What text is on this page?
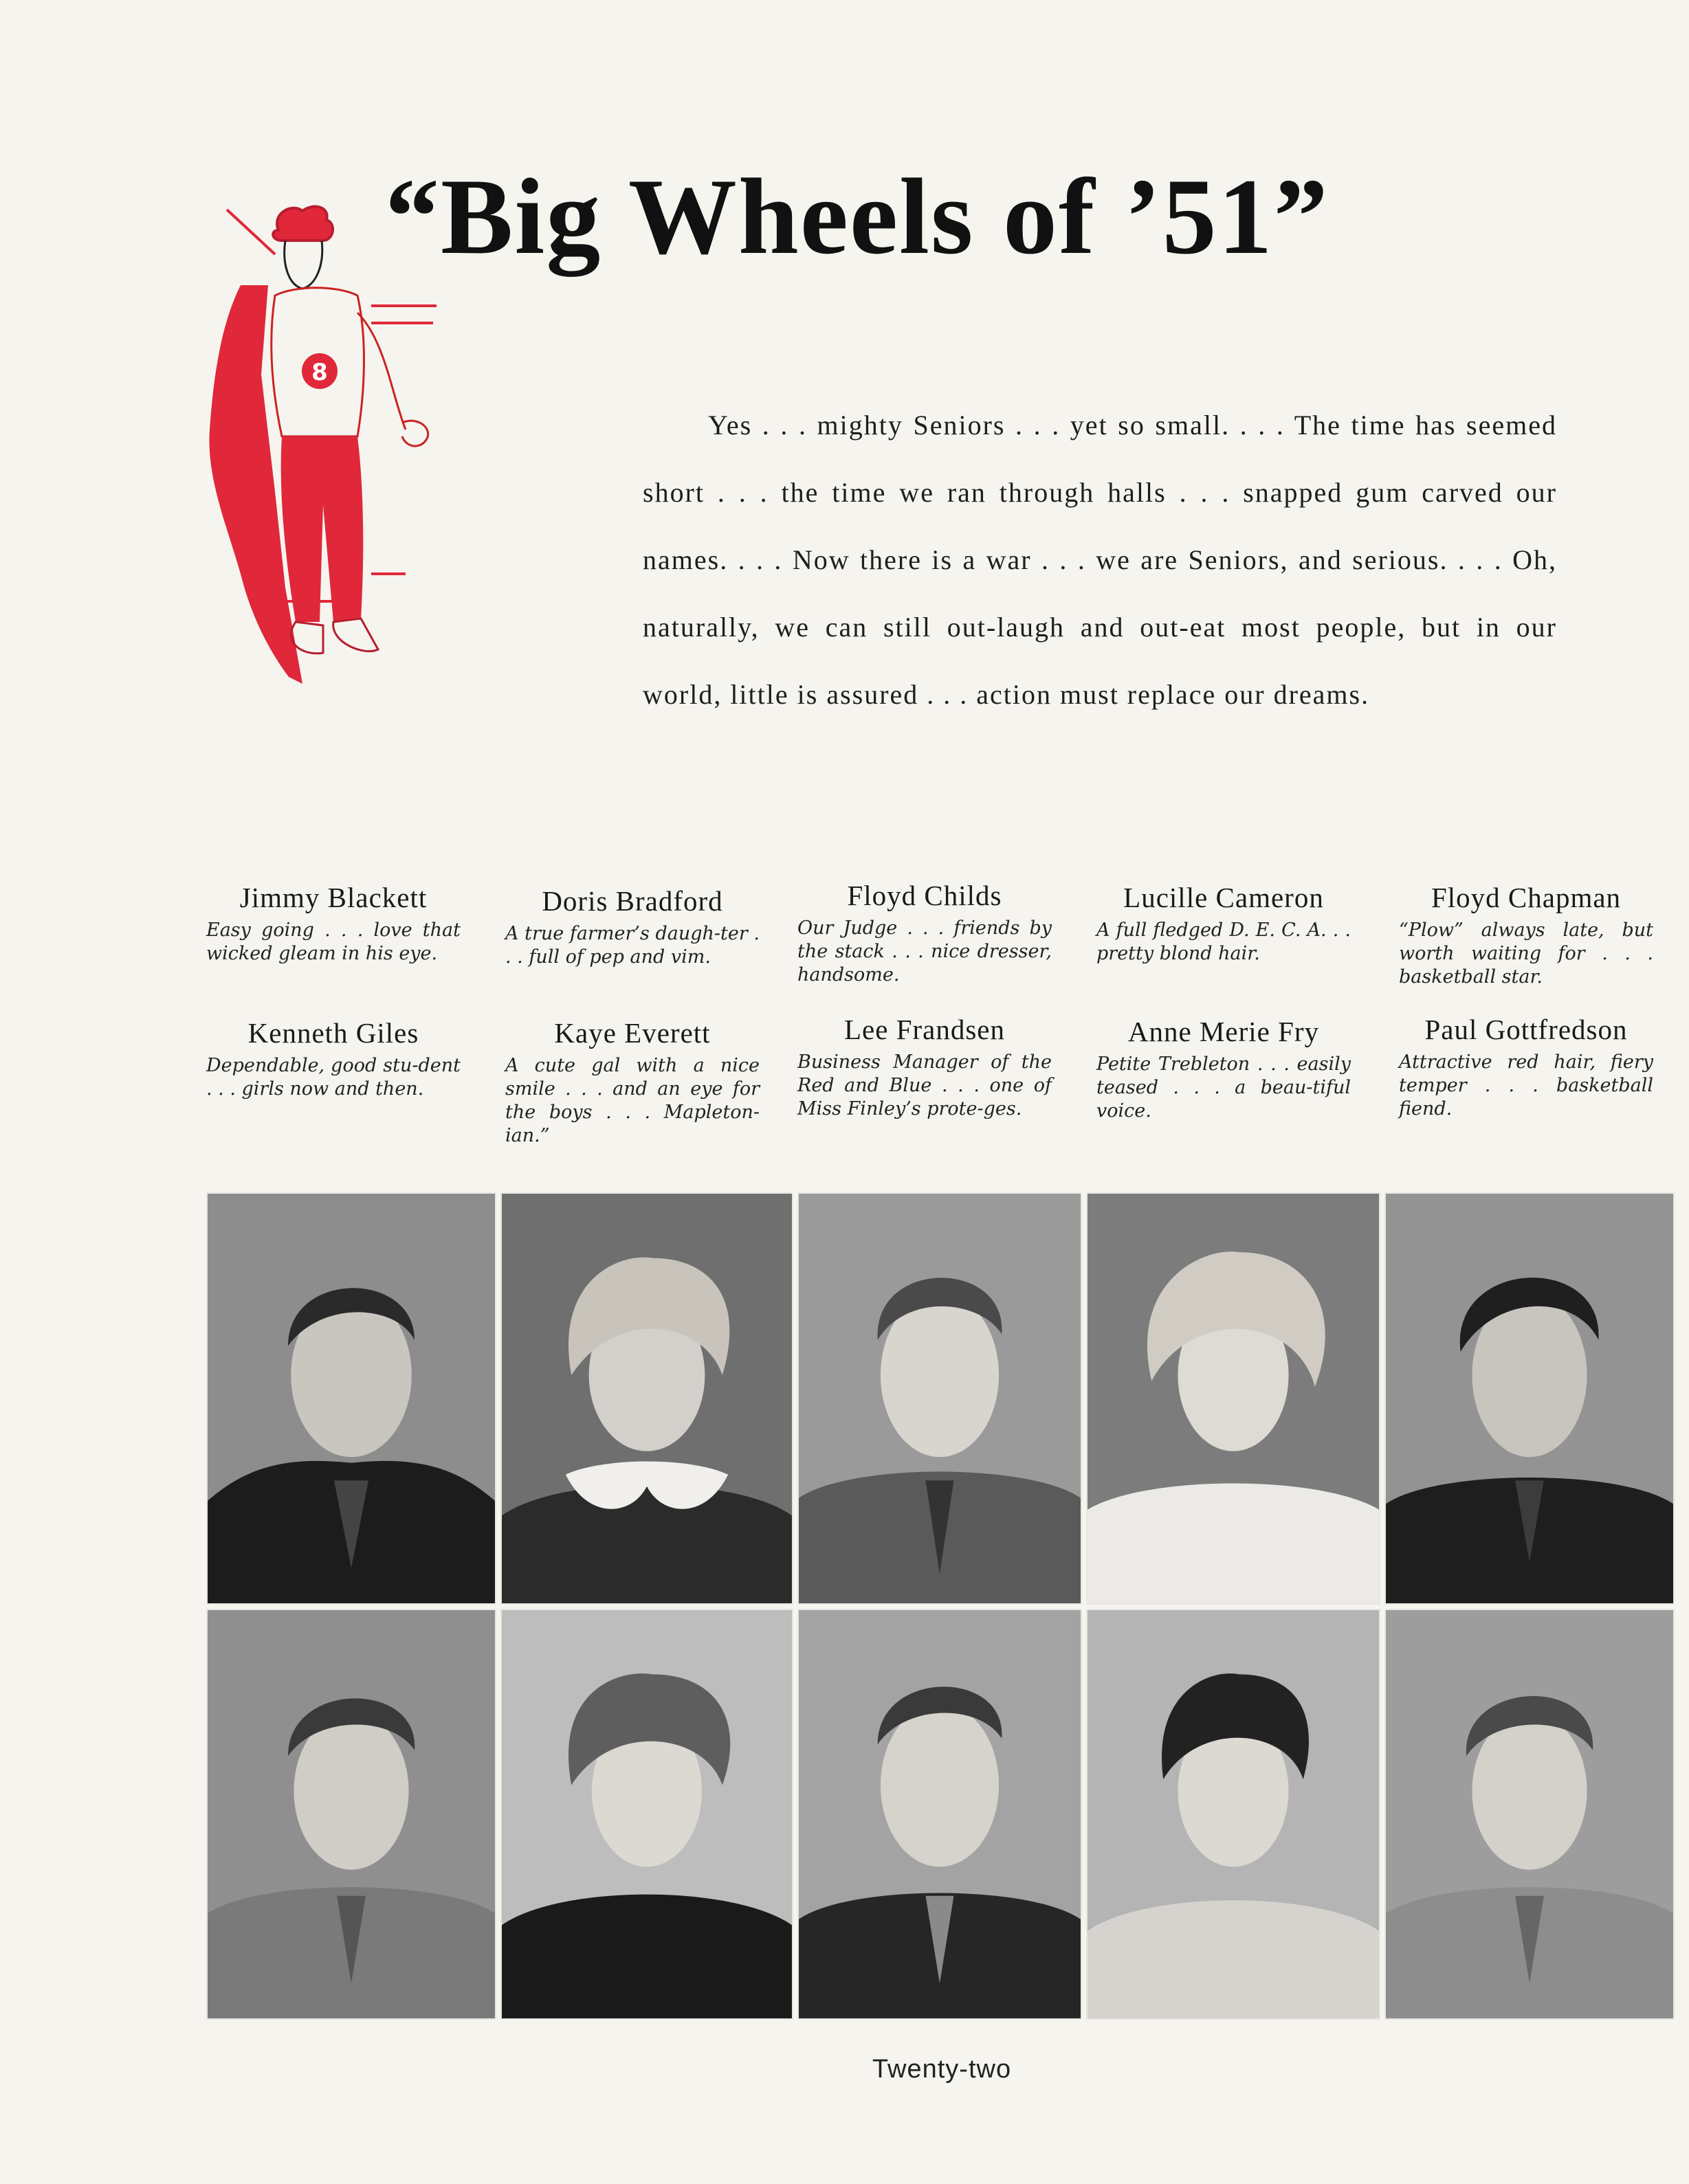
“Big Wheels of ’51”
8
Yes . . . mighty Seniors . . . yet so small. . . . The time has seemed short . . . the time we ran through halls . . . snapped gum carved our names. . . . Now there is a war . . . we are Seniors, and serious. . . . Oh, naturally, we can still out-laugh and out-eat most people, but in our world, little is assured . . . action must replace our dreams.
Jimmy Blackett
Easy going . . . love that wicked gleam in his eye.
Doris Bradford
A true farmer’s daugh-ter . . . full of pep and vim.
Floyd Childs
Our Judge . . . friends by the stack . . . nice dresser, handsome.
Lucille Cameron
A full fledged D. E. C. A. . . pretty blond hair.
Floyd Chapman
“Plow” always late, but worth waiting for . . . basketball star.
Kenneth Giles
Dependable, good stu-dent . . . girls now and then.
Kaye Everett
A cute gal with a nice smile . . . and an eye for the boys . . . Mapleton-ian.”
Lee Frandsen
Business Manager of the Red and Blue . . . one of Miss Finley’s prote-ges.
Anne Merie Fry
Petite Trebleton . . . easily teased . . . a beau-tiful voice.
Paul Gottfredson
Attractive red hair, fiery temper . . . basketball fiend.
Twenty-two
